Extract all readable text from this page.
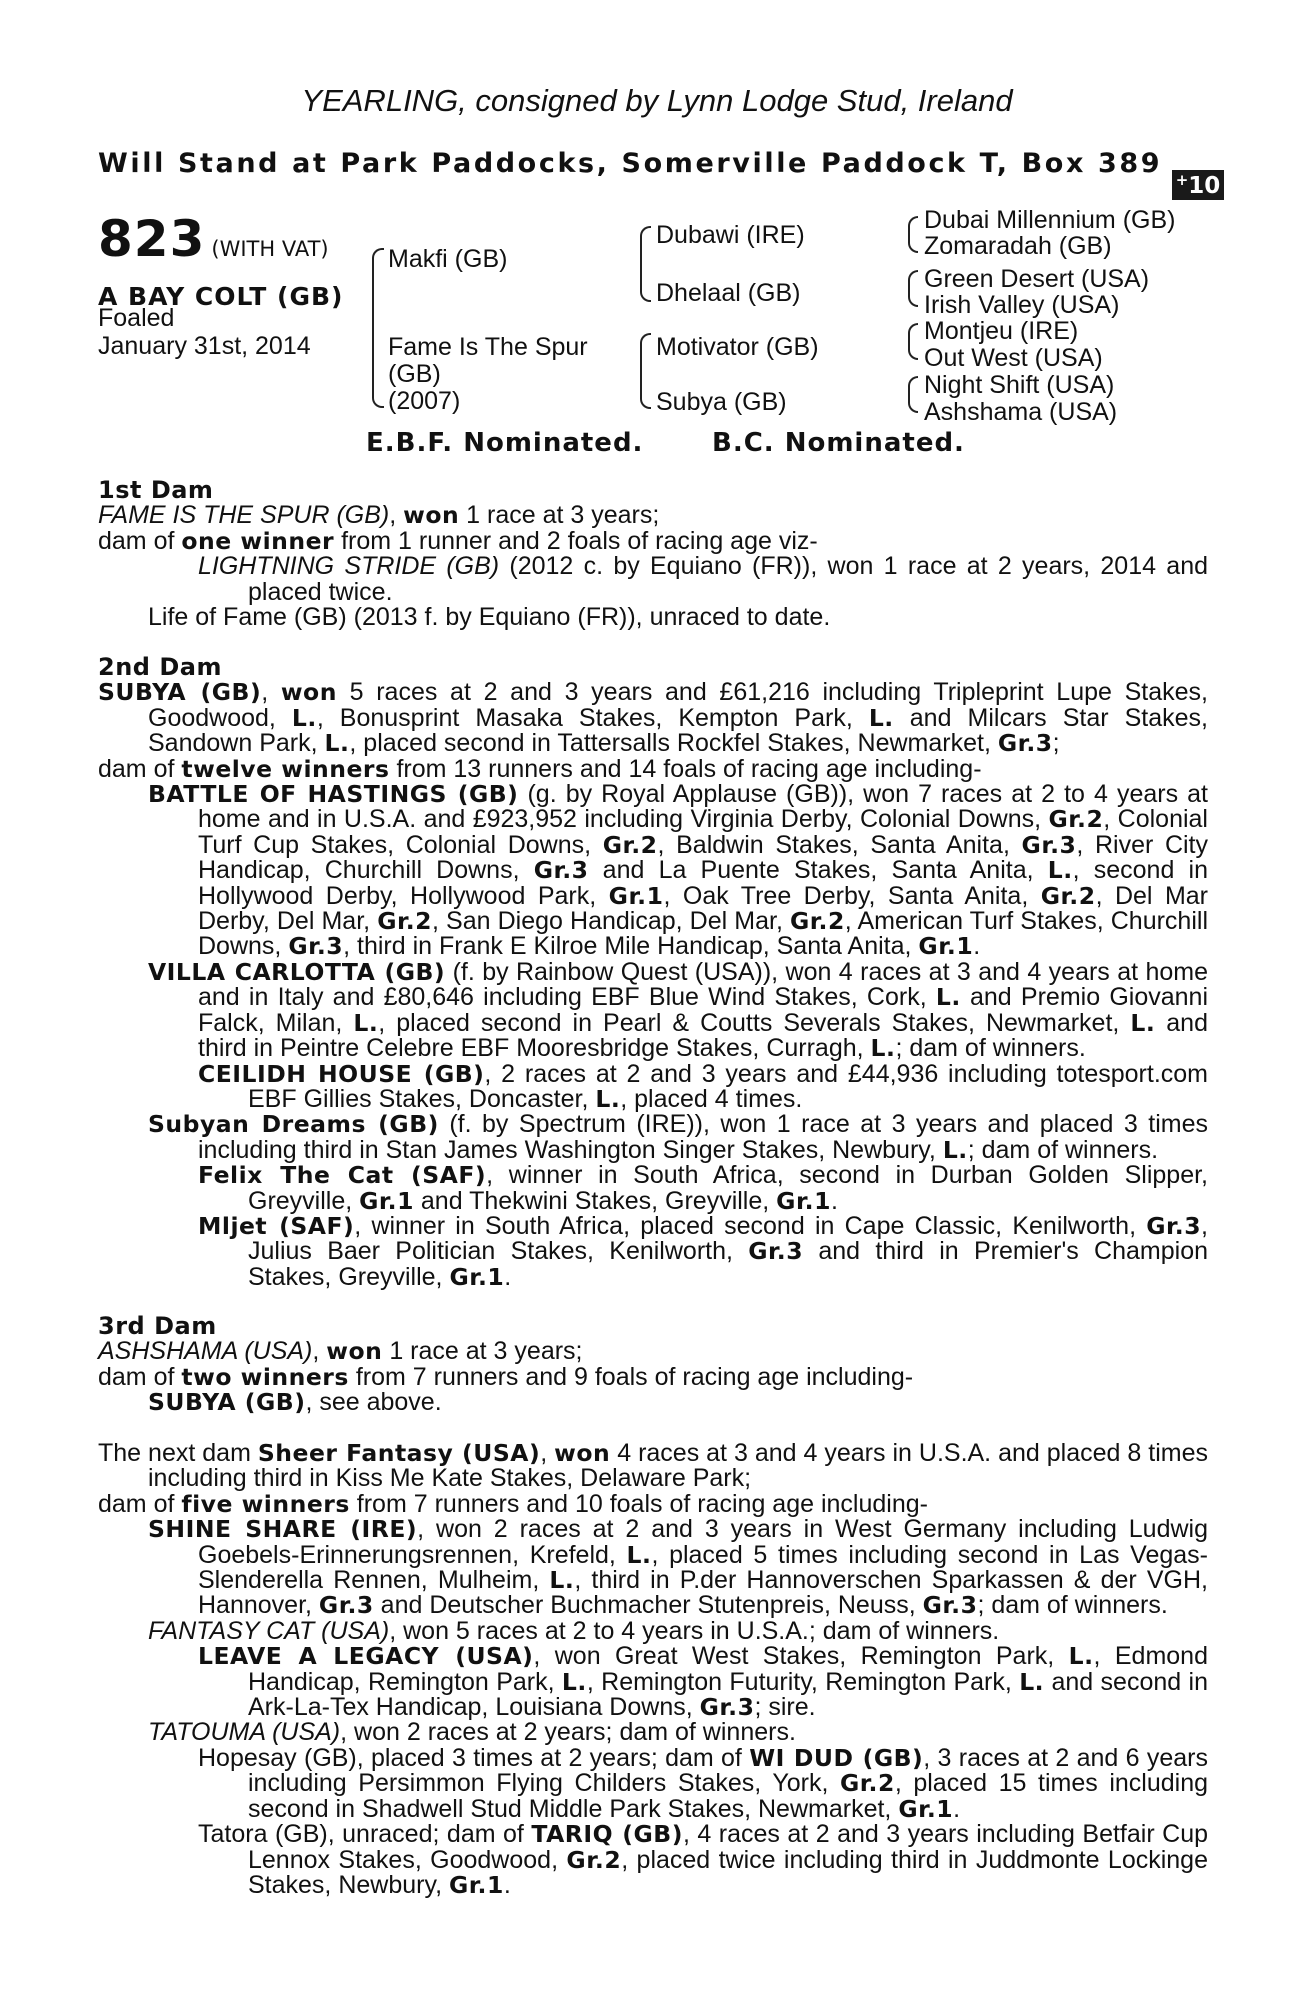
YEARLING, consigned by Lynn Lodge Stud, Ireland
Will Stand at Park Paddocks, Somerville Paddock T, Box 389
+10
823 (WITH VAT)
A BAY COLT (GB)
Foaled
January 31st, 2014
Makfi (GB)
Fame Is The Spur
(GB)
(2007)
Dubawi (IRE)
Dhelaal (GB)
Motivator (GB)
Subya (GB)
Dubai Millennium (GB)
Zomaradah (GB)
Green Desert (USA)
Irish Valley (USA)
Montjeu (IRE)
Out West (USA)
Night Shift (USA)
Ashshama (USA)
E.B.F. Nominated.	B.C. Nominated.

1st Dam

FAME IS THE SPUR (GB), won 1 race at 3 years;

dam of one winner from 1 runner and 2 foals of racing age viz-

LIGHTNING STRIDE (GB) (2012 c. by Equiano (FR)), won 1 race at 2 years, 2014 and placed twice.

Life of Fame (GB) (2013 f. by Equiano (FR)), unraced to date.

2nd Dam

SUBYA (GB), won 5 races at 2 and 3 years and £61,216 including Tripleprint Lupe Stakes, Goodwood, L., Bonusprint Masaka Stakes, Kempton Park, L. and Milcars Star Stakes, Sandown Park, L., placed second in Tattersalls Rockfel Stakes, Newmarket, Gr.3;

dam of twelve winners from 13 runners and 14 foals of racing age including-

BATTLE OF HASTINGS (GB) (g. by Royal Applause (GB)), won 7 races at 2 to 4 years at home and in U.S.A. and £923,952 including Virginia Derby, Colonial Downs, Gr.2, Colonial Turf Cup Stakes, Colonial Downs, Gr.2, Baldwin Stakes, Santa Anita, Gr.3, River City Handicap, Churchill Downs, Gr.3 and La Puente Stakes, Santa Anita, L., second in Hollywood Derby, Hollywood Park, Gr.1, Oak Tree Derby, Santa Anita, Gr.2, Del Mar Derby, Del Mar, Gr.2, San Diego Handicap, Del Mar, Gr.2, American Turf Stakes, Churchill Downs, Gr.3, third in Frank E Kilroe Mile Handicap, Santa Anita, Gr.1.

VILLA CARLOTTA (GB) (f. by Rainbow Quest (USA)), won 4 races at 3 and 4 years at home and in Italy and £80,646 including EBF Blue Wind Stakes, Cork, L. and Premio Giovanni Falck, Milan, L., placed second in Pearl & Coutts Severals Stakes, Newmarket, L. and third in Peintre Celebre EBF Mooresbridge Stakes, Curragh, L.; dam of winners.

CEILIDH HOUSE (GB), 2 races at 2 and 3 years and £44,936 including totesport.com EBF Gillies Stakes, Doncaster, L., placed 4 times.

Subyan Dreams (GB) (f. by Spectrum (IRE)), won 1 race at 3 years and placed 3 times including third in Stan James Washington Singer Stakes, Newbury, L.; dam of winners.

Felix The Cat (SAF), winner in South Africa, second in Durban Golden Slipper, Greyville, Gr.1 and Thekwini Stakes, Greyville, Gr.1.

Mljet (SAF), winner in South Africa, placed second in Cape Classic, Kenilworth, Gr.3, Julius Baer Politician Stakes, Kenilworth, Gr.3 and third in Premier's Champion Stakes, Greyville, Gr.1.

3rd Dam

ASHSHAMA (USA), won 1 race at 3 years;

dam of two winners from 7 runners and 9 foals of racing age including-

SUBYA (GB), see above.

The next dam Sheer Fantasy (USA), won 4 races at 3 and 4 years in U.S.A. and placed 8 times including third in Kiss Me Kate Stakes, Delaware Park;

dam of five winners from 7 runners and 10 foals of racing age including-

SHINE SHARE (IRE), won 2 races at 2 and 3 years in West Germany including Ludwig Goebels-Erinnerungsrennen, Krefeld, L., placed 5 times including second in Las Vegas-Slenderella Rennen, Mulheim, L., third in P.der Hannoverschen Sparkassen & der VGH, Hannover, Gr.3 and Deutscher Buchmacher Stutenpreis, Neuss, Gr.3; dam of winners.

FANTASY CAT (USA), won 5 races at 2 to 4 years in U.S.A.; dam of winners.

LEAVE A LEGACY (USA), won Great West Stakes, Remington Park, L., Edmond Handicap, Remington Park, L., Remington Futurity, Remington Park, L. and second in Ark-La-Tex Handicap, Louisiana Downs, Gr.3; sire.

TATOUMA (USA), won 2 races at 2 years; dam of winners.

Hopesay (GB), placed 3 times at 2 years; dam of WI DUD (GB), 3 races at 2 and 6 years including Persimmon Flying Childers Stakes, York, Gr.2, placed 15 times including second in Shadwell Stud Middle Park Stakes, Newmarket, Gr.1.

Tatora (GB), unraced; dam of TARIQ (GB), 4 races at 2 and 3 years including Betfair Cup Lennox Stakes, Goodwood, Gr.2, placed twice including third in Juddmonte Lockinge Stakes, Newbury, Gr.1.
